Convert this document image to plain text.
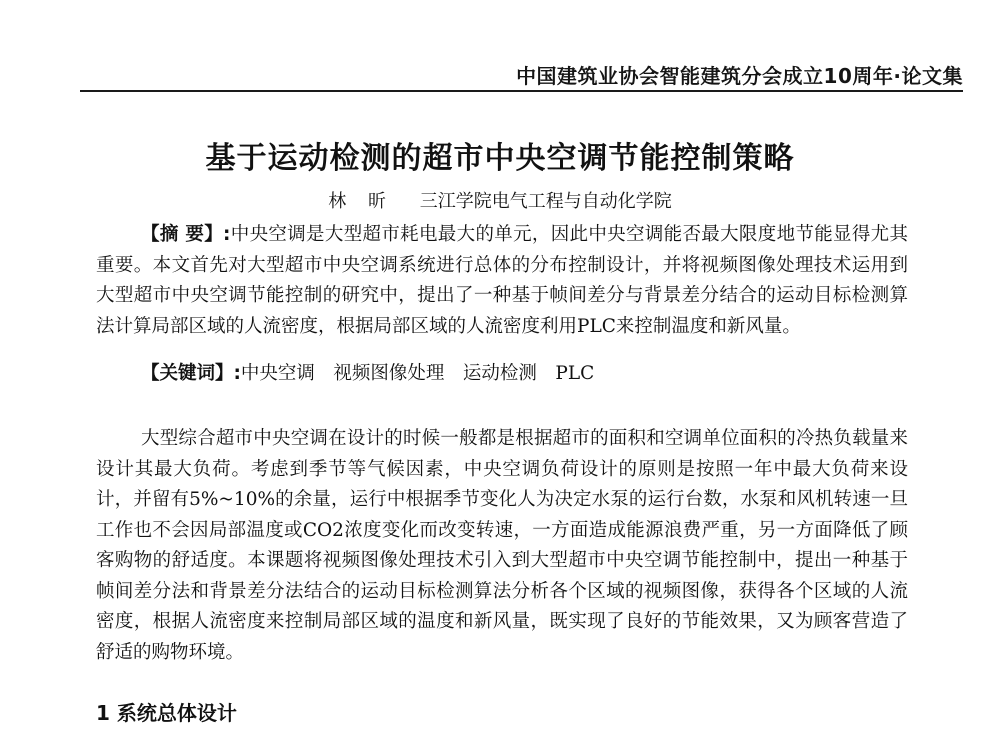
中国建筑业协会智能建筑分会成立10周年·论文集
基于运动检测的超市中央空调节能控制策略
林 昕 三江学院电气工程与自动化学院
【摘 要】:中央空调是大型超市耗电最大的单元，因此中央空调能否最大限度地节能显得尤其重要。本文首先对大型超市中央空调系统进行总体的分布控制设计，并将视频图像处理技术运用到大型超市中央空调节能控制的研究中，提出了一种基于帧间差分与背景差分结合的运动目标检测算法计算局部区域的人流密度，根据局部区域的人流密度利用PLC来控制温度和新风量。
【关键词】:中央空调　视频图像处理　运动检测　PLC
大型综合超市中央空调在设计的时候一般都是根据超市的面积和空调单位面积的冷热负载量来设计其最大负荷。考虑到季节等气候因素，中央空调负荷设计的原则是按照一年中最大负荷来设计，并留有5%~10%的余量，运行中根据季节变化人为决定水泵的运行台数，水泵和风机转速一旦工作也不会因局部温度或CO2浓度变化而改变转速，一方面造成能源浪费严重，另一方面降低了顾客购物的舒适度。本课题将视频图像处理技术引入到大型超市中央空调节能控制中，提出一种基于帧间差分法和背景差分法结合的运动目标检测算法分析各个区域的视频图像，获得各个区域的人流密度，根据人流密度来控制局部区域的温度和新风量，既实现了良好的节能效果，又为顾客营造了舒适的购物环境。
1 系统总体设计
